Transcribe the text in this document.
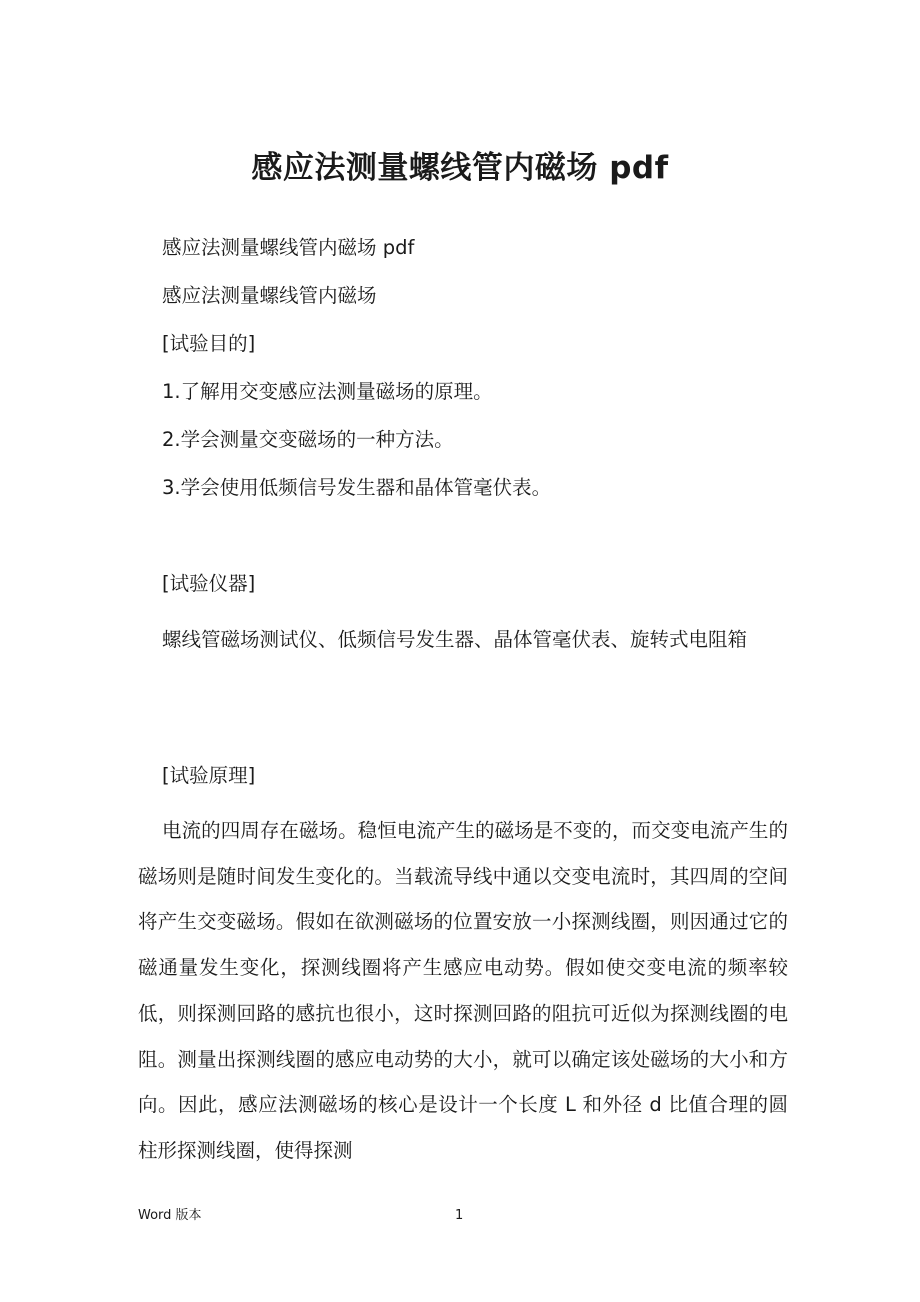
感应法测量螺线管内磁场 pdf

感应法测量螺线管内磁场 pdf

感应法测量螺线管内磁场

[试验目的]

1.了解用交变感应法测量磁场的原理。

2.学会测量交变磁场的一种方法。

3.学会使用低频信号发生器和晶体管毫伏表。

[试验仪器]

螺线管磁场测试仪、低频信号发生器、晶体管毫伏表、旋转式电阻箱

[试验原理]

电流的四周存在磁场。稳恒电流产生的磁场是不变的，而交变电流产生的磁场则是随时间发生变化的。当载流导线中通以交变电流时，其四周的空间将产生交变磁场。假如在欲测磁场的位置安放一小探测线圈，则因通过它的磁通量发生变化，探测线圈将产生感应电动势。假如使交变电流的频率较低，则探测回路的感抗也很小，这时探测回路的阻抗可近似为探测线圈的电阻。测量出探测线圈的感应电动势的大小，就可以确定该处磁场的大小和方向。因此，感应法测磁场的核心是设计一个长度 L 和外径 d 比值合理的圆柱形探测线圈，使得探测

Word 版本	1
